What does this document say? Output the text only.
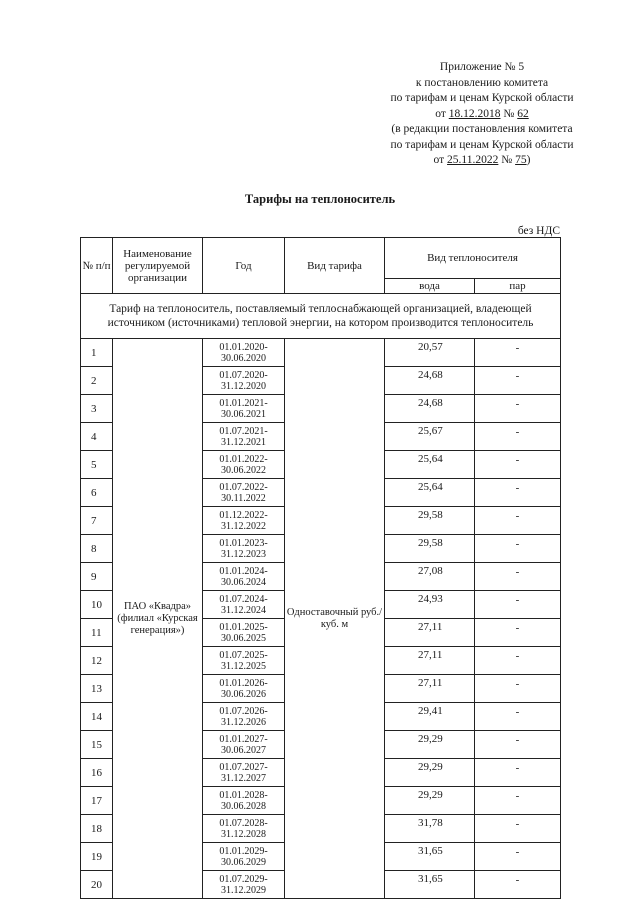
Приложение № 5
к постановлению комитета
по тарифам и ценам Курской области
от 18.12.2018 № 62
(в редакции постановления комитета
по тарифам и ценам Курской области
от 25.11.2022 № 75)
Тарифы на теплоноситель
без НДС
№ п/п	Наименование регулируемой организации	Год	Вид тарифа	Вид теплоносителя	
				вода	пар
Тариф на теплоноситель, поставляемый теплоснабжающей организацией, владеющей источником (источниками) тепловой энергии, на котором производится теплоноситель					
1	ПАО «Квадра» (филиал «Курская генерация»)	01.01.2020-30.06.2020	Одноставочный руб./куб. м	20,57	-
2		01.07.2020-31.12.2020		24,68	-
3		01.01.2021-30.06.2021		24,68	-
4		01.07.2021-31.12.2021		25,67	-
5		01.01.2022-30.06.2022		25,64	-
6		01.07.2022-30.11.2022		25,64	-
7		01.12.2022-31.12.2022		29,58	-
8		01.01.2023-31.12.2023		29,58	-
9		01.01.2024-30.06.2024		27,08	-
10		01.07.2024-31.12.2024		24,93	-
11		01.01.2025-30.06.2025		27,11	-
12		01.07.2025-31.12.2025		27,11	-
13		01.01.2026-30.06.2026		27,11	-
14		01.07.2026-31.12.2026		29,41	-
15		01.01.2027-30.06.2027		29,29	-
16		01.07.2027-31.12.2027		29,29	-
17		01.01.2028-30.06.2028		29,29	-
18		01.07.2028-31.12.2028		31,78	-
19		01.01.2029-30.06.2029		31,65	-
20		01.07.2029-31.12.2029		31,65	-
